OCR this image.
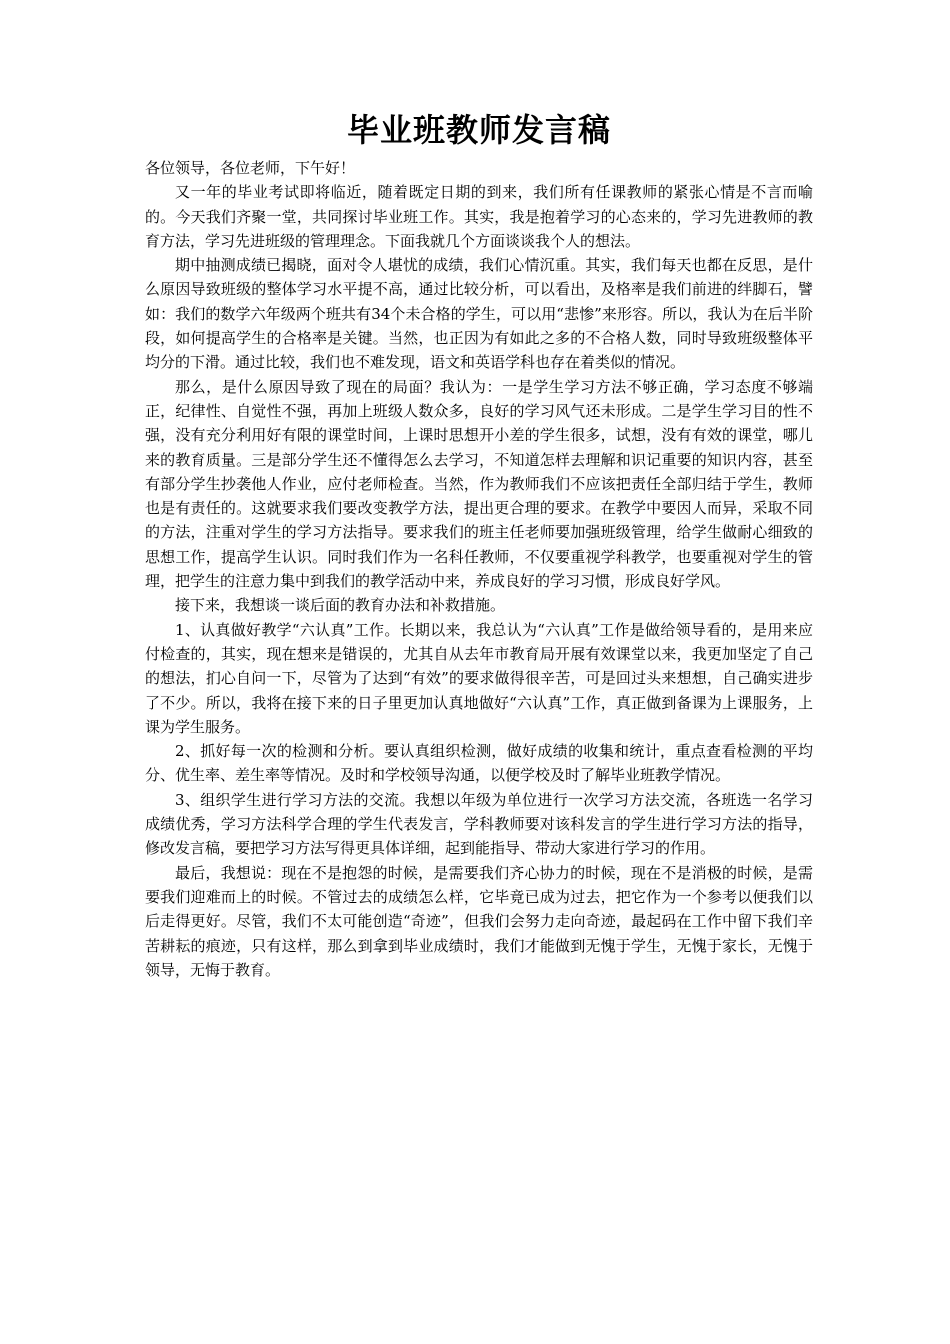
毕业班教师发言稿

各位领导，各位老师，下午好！

又一年的毕业考试即将临近，随着既定日期的到来，我们所有任课教师的紧张心情是不言而喻的。今天我们齐聚一堂，共同探讨毕业班工作。其实，我是抱着学习的心态来的，学习先进教师的教育方法，学习先进班级的管理理念。下面我就几个方面谈谈我个人的想法。

期中抽测成绩已揭晓，面对令人堪忧的成绩，我们心情沉重。其实，我们每天也都在反思，是什么原因导致班级的整体学习水平提不高，通过比较分析，可以看出，及格率是我们前进的绊脚石，譬如：我们的数学六年级两个班共有34个未合格的学生，可以用“悲惨”来形容。所以，我认为在后半阶段，如何提高学生的合格率是关键。当然，也正因为有如此之多的不合格人数，同时导致班级整体平均分的下滑。通过比较，我们也不难发现，语文和英语学科也存在着类似的情况。

那么，是什么原因导致了现在的局面？我认为：一是学生学习方法不够正确，学习态度不够端正，纪律性、自觉性不强，再加上班级人数众多，良好的学习风气还未形成。二是学生学习目的性不强，没有充分利用好有限的课堂时间，上课时思想开小差的学生很多，试想，没有有效的课堂，哪儿来的教育质量。三是部分学生还不懂得怎么去学习，不知道怎样去理解和识记重要的知识内容，甚至有部分学生抄袭他人作业，应付老师检查。当然，作为教师我们不应该把责任全部归结于学生，教师也是有责任的。这就要求我们要改变教学方法，提出更合理的要求。在教学中要因人而异，采取不同的方法，注重对学生的学习方法指导。要求我们的班主任老师要加强班级管理，给学生做耐心细致的思想工作，提高学生认识。同时我们作为一名科任教师，不仅要重视学科教学，也要重视对学生的管理，把学生的注意力集中到我们的教学活动中来，养成良好的学习习惯，形成良好学风。

接下来，我想谈一谈后面的教育办法和补救措施。

1、认真做好教学“六认真”工作。长期以来，我总认为“六认真”工作是做给领导看的，是用来应付检查的，其实，现在想来是错误的，尤其自从去年市教育局开展有效课堂以来，我更加坚定了自己的想法，扪心自问一下，尽管为了达到“有效”的要求做得很辛苦，可是回过头来想想，自己确实进步了不少。所以，我将在接下来的日子里更加认真地做好“六认真”工作，真正做到备课为上课服务，上课为学生服务。

2、抓好每一次的检测和分析。要认真组织检测，做好成绩的收集和统计，重点查看检测的平均分、优生率、差生率等情况。及时和学校领导沟通，以便学校及时了解毕业班教学情况。

3、组织学生进行学习方法的交流。我想以年级为单位进行一次学习方法交流，各班选一名学习成绩优秀，学习方法科学合理的学生代表发言，学科教师要对该科发言的学生进行学习方法的指导，修改发言稿，要把学习方法写得更具体详细，起到能指导、带动大家进行学习的作用。

最后，我想说：现在不是抱怨的时候，是需要我们齐心协力的时候，现在不是消极的时候，是需要我们迎难而上的时候。不管过去的成绩怎么样，它毕竟已成为过去，把它作为一个参考以便我们以后走得更好。尽管，我们不太可能创造“奇迹”，但我们会努力走向奇迹，最起码在工作中留下我们辛苦耕耘的痕迹，只有这样，那么到拿到毕业成绩时，我们才能做到无愧于学生，无愧于家长，无愧于领导，无悔于教育。
